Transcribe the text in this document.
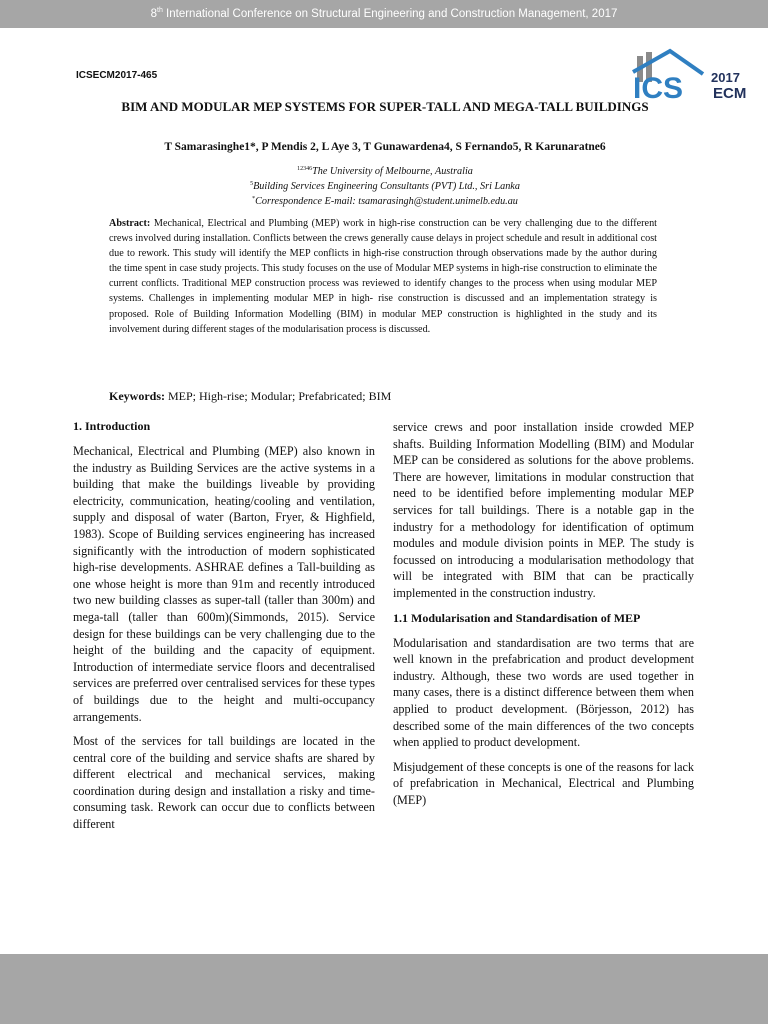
8th International Conference on Structural Engineering and Construction Management, 2017
ICSECM2017-465	ICS 2017
ECM
BIM AND MODULAR MEP SYSTEMS FOR SUPER-TALL AND MEGA-TALL BUILDINGS
T Samarasinghe1*, P Mendis 2, L Aye 3, T Gunawardena4, S Fernando5, R Karunaratne6
$^{12346}$The University of Melbourne, Australia
$^5$Building Services Engineering Consultants (PVT) Ltd., Sri Lanka
*Correspondence E-mail: tsamarasingh@student.unimelb.edu.au
Abstract: Mechanical, Electrical and Plumbing (MEP) work in high-rise construction can be very challenging due to the different crews involved during installation. Conflicts between the crews generally cause delays in project schedule and result in additional cost due to rework. This study will identify the MEP conflicts in high-rise construction through observations made by the author during the time spent in case study projects. This study focuses on the use of Modular MEP systems in high-rise construction to eliminate the current conflicts. Traditional MEP construction process was reviewed to identify changes to the process when using modular MEP systems. Challenges in implementing modular MEP in high- rise construction is discussed and an implementation strategy is proposed. Role of Building Information Modelling (BIM) in modular MEP construction is highlighted in the study and its involvement during different stages of the modularisation process is discussed.
Keywords: MEP; High-rise; Modular; Prefabricated; BIM
1. Introduction

Mechanical, Electrical and Plumbing (MEP) also known in the industry as Building Services are the active systems in a building that make the buildings liveable by providing electricity, communication, heating/cooling and ventilation, supply and disposal of water (Barton, Fryer, & Highfield, 1983). Scope of Building services engineering has increased significantly with the introduction of modern sophisticated high-rise developments. ASHRAE defines a Tall-building as one whose height is more than 91m and recently introduced two new building classes as super-tall (taller than 300m) and mega-tall (taller than 600m)(Simmonds, 2015). Service design for these buildings can be very challenging due to the height of the building and the capacity of equipment. Introduction of intermediate service floors and decentralised services are preferred over centralised services for these types of buildings due to the height and multi-occupancy arrangements.

Most of the services for tall buildings are located in the central core of the building and service shafts are shared by different electrical and mechanical services, making coordination during design and installation a risky and time-consuming task. Rework can occur due to conflicts between different

service crews and poor installation inside crowded MEP shafts. Building Information Modelling (BIM) and Modular MEP can be considered as solutions for the above problems. There are however, limitations in modular construction that need to be identified before implementing modular MEP services for tall buildings. There is a notable gap in the industry for a methodology for identification of optimum modules and module division points in MEP. The study is focussed on introducing a modularisation methodology that will be integrated with BIM that can be practically implemented in the construction industry.

1.1 Modularisation and Standardisation of MEP

Modularisation and standardisation are two terms that are well known in the prefabrication and product development industry. Although, these two words are used together in many cases, there is a distinct difference between them when applied to product development. (Börjesson, 2012) has described some of the main differences of the two concepts when applied to product development.

Misjudgement of these concepts is one of the reasons for lack of prefabrication in Mechanical, Electrical and Plumbing (MEP)
